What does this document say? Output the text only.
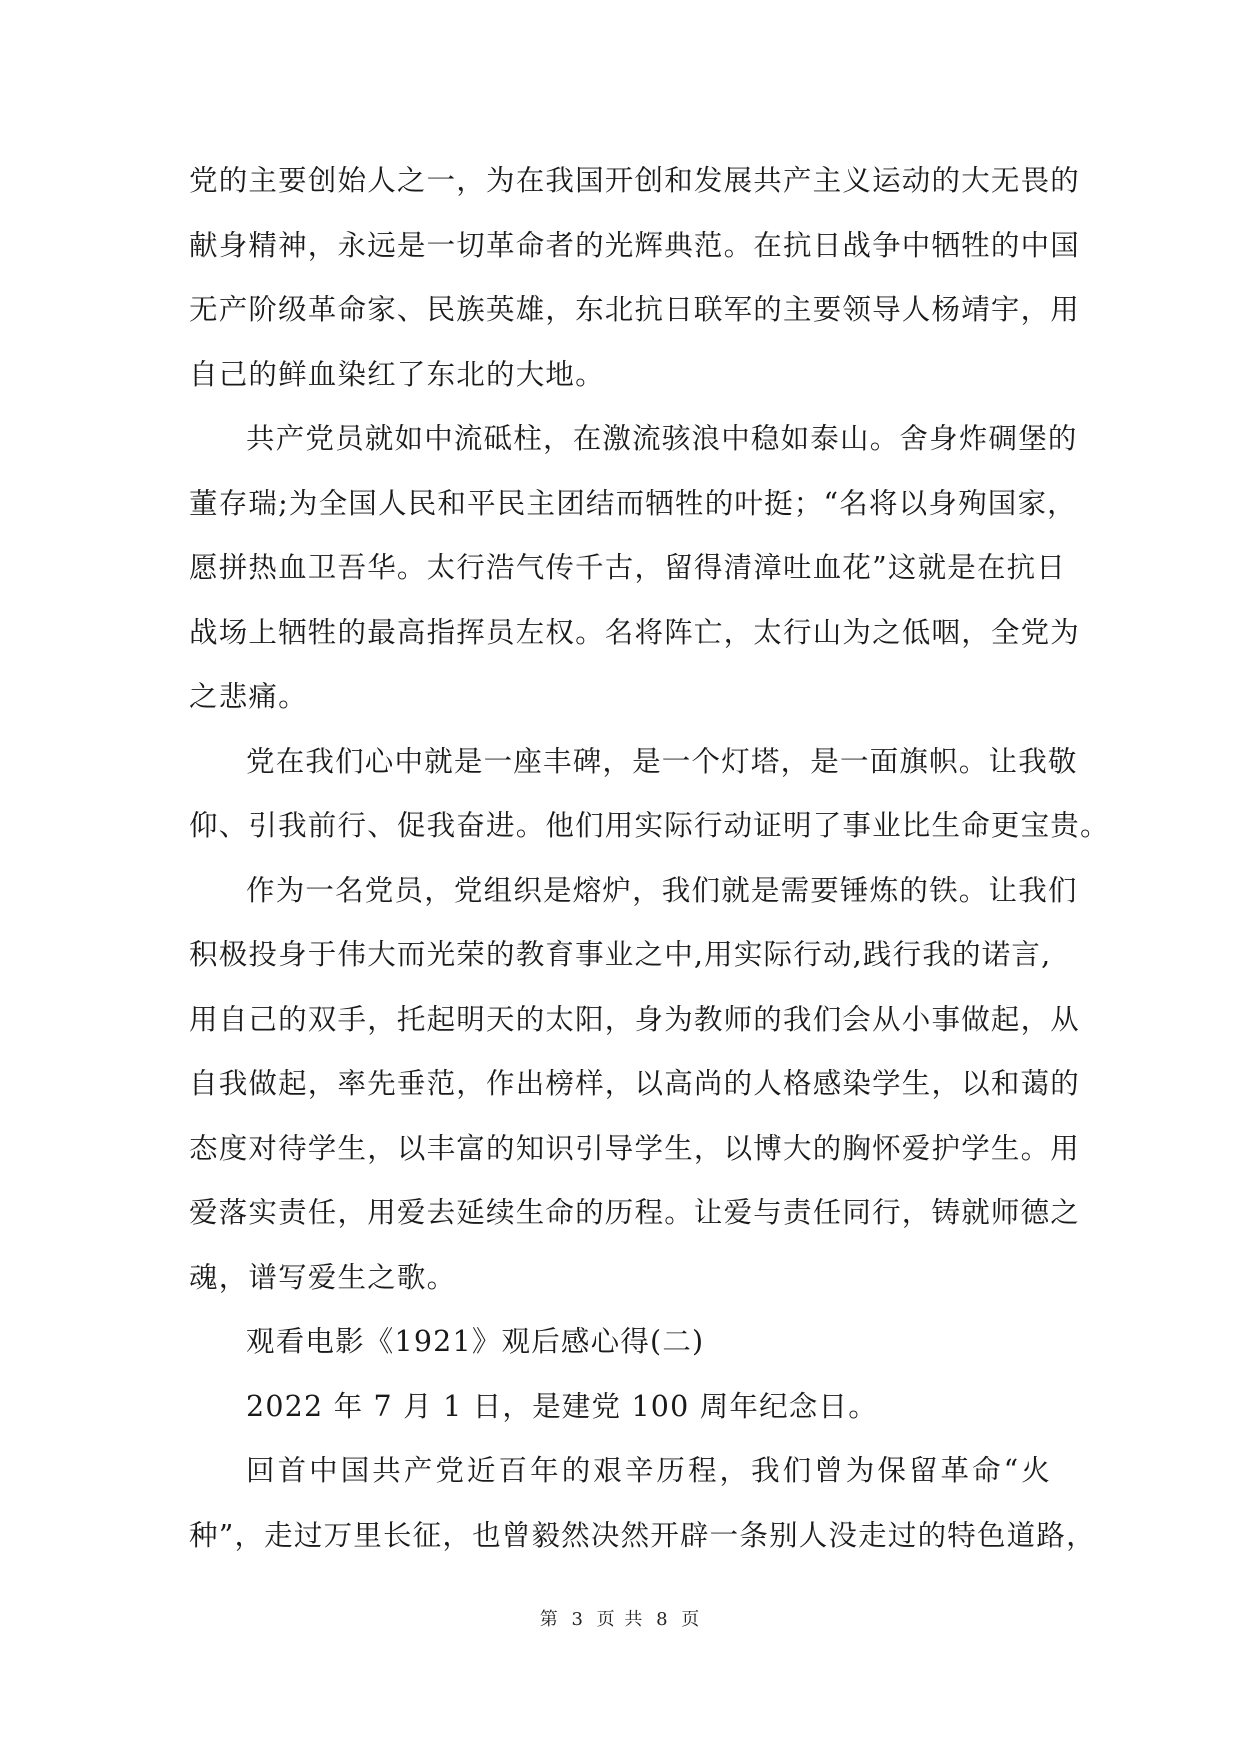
党的主要创始人之一，为在我国开创和发展共产主义运动的大无畏的
献身精神，永远是一切革命者的光辉典范。在抗日战争中牺牲的中国
无产阶级革命家、民族英雄，东北抗日联军的主要领导人杨靖宇，用
自己的鲜血染红了东北的大地。
共产党员就如中流砥柱，在激流骇浪中稳如泰山。舍身炸碉堡的
董存瑞;为全国人民和平民主团结而牺牲的叶挺；“名将以身殉国家，
愿拼热血卫吾华。太行浩气传千古，留得清漳吐血花”这就是在抗日
战场上牺牲的最高指挥员左权。名将阵亡，太行山为之低咽，全党为
之悲痛。
党在我们心中就是一座丰碑，是一个灯塔，是一面旗帜。让我敬
仰、引我前行、促我奋进。他们用实际行动证明了事业比生命更宝贵。
作为一名党员，党组织是熔炉，我们就是需要锤炼的铁。让我们
积极投身于伟大而光荣的教育事业之中,用实际行动,践行我的诺言,
用自己的双手，托起明天的太阳，身为教师的我们会从小事做起，从
自我做起，率先垂范，作出榜样，以高尚的人格感染学生，以和蔼的
态度对待学生，以丰富的知识引导学生，以博大的胸怀爱护学生。用
爱落实责任，用爱去延续生命的历程。让爱与责任同行，铸就师德之
魂，谱写爱生之歌。
观看电影《1921》观后感心得(二)
2022 年 7 月 1 日，是建党 100 周年纪念日。
回首中国共产党近百年的艰辛历程，我们曾为保留革命“火
种”，走过万里长征，也曾毅然决然开辟一条别人没走过的特色道路，
第 3 页 共 8 页
